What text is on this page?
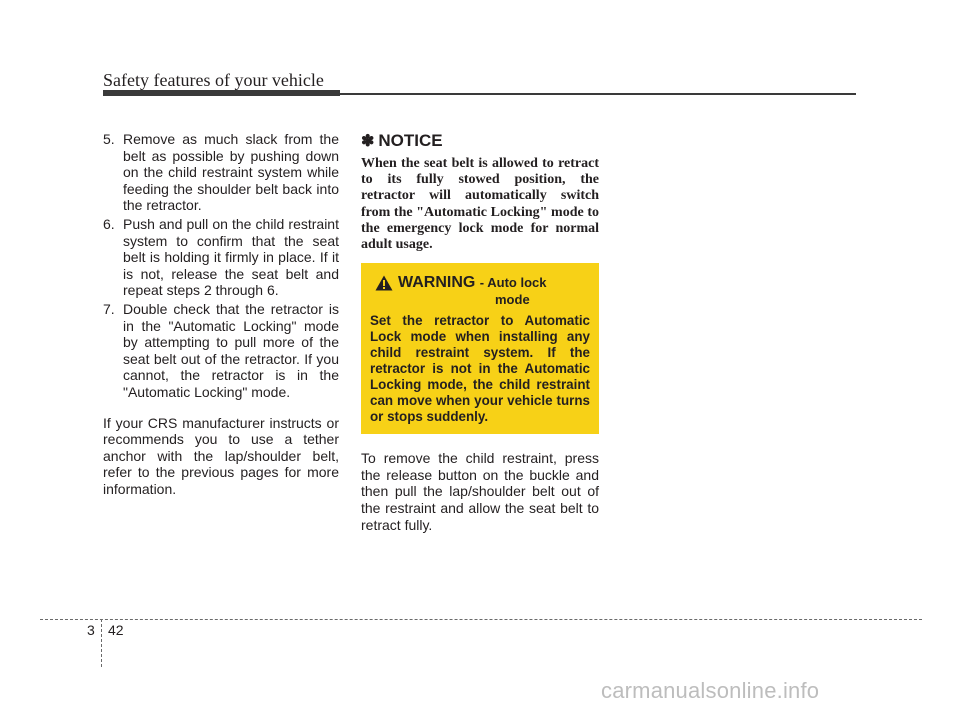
Safety features of your vehicle
5. Remove as much slack from the belt as possible by pushing down on the child restraint system while feeding the shoulder belt back into the retractor.
6. Push and pull on the child restraint system to confirm that the seat belt is holding it firmly in place. If it is not, release the seat belt and repeat steps 2 through 6.
7. Double check that the retractor is in the "Automatic Locking" mode by attempting to pull more of the seat belt out of the retractor. If you cannot, the retractor is in the "Automatic Locking" mode.

If your CRS manufacturer instructs or recommends you to use a tether anchor with the lap/shoulder belt, refer to the previous pages for more information.

✽ NOTICE

When the seat belt is allowed to retract to its fully stowed position, the retractor will automatically switch from the "Automatic Locking" mode to the emergency lock mode for normal adult usage.

WARNING - Auto lock
mode

Set the retractor to Automatic Lock mode when installing any child restraint system. If the retractor is not in the Automatic Locking mode, the child restraint can move when your vehicle turns or stops suddenly.

To remove the child restraint, press the release button on the buckle and then pull the lap/shoulder belt out of the restraint and allow the seat belt to retract fully.

3 42
carmanualsonline.info
